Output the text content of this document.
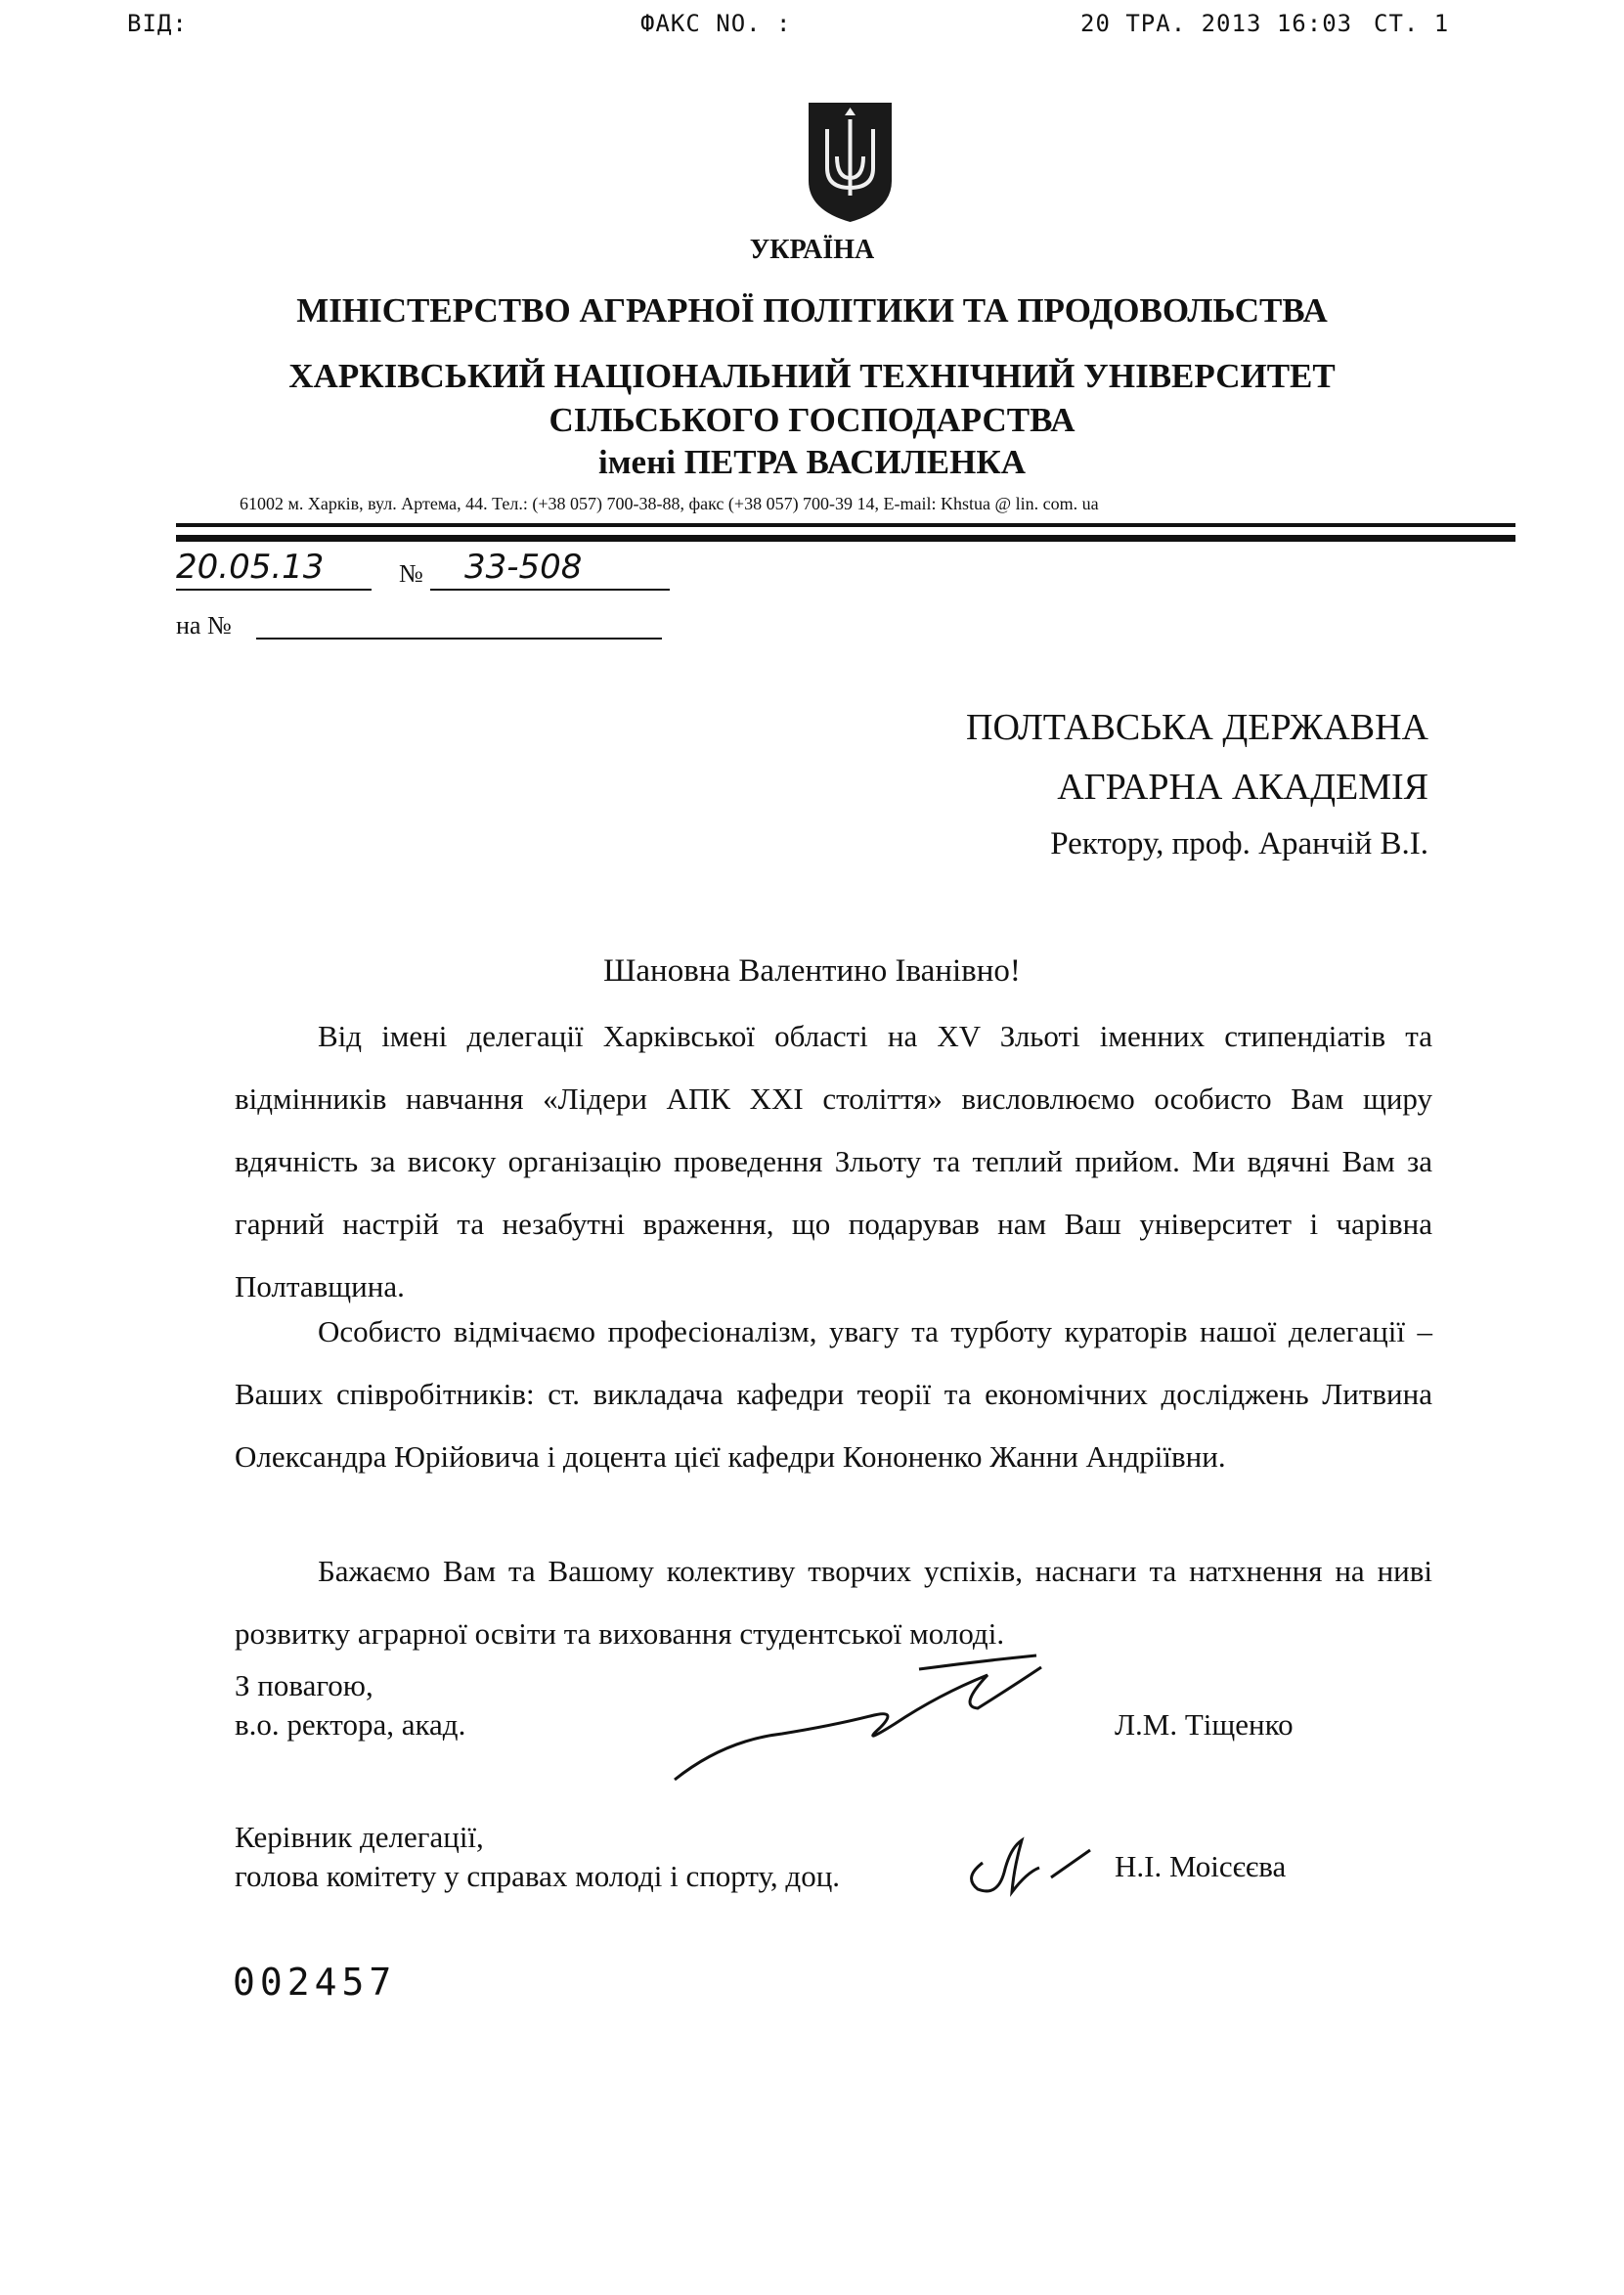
ВІД:	ФАКС NO. :	20 ТРА. 2013 16:03 СТ. 1
УКРАЇНА
МІНІСТЕРСТВО АГРАРНОЇ ПОЛІТИКИ ТА ПРОДОВОЛЬСТВА
ХАРКІВСЬКИЙ НАЦІОНАЛЬНИЙ ТЕХНІЧНИЙ УНІВЕРСИТЕТ
СІЛЬСЬКОГО ГОСПОДАРСТВА
імені ПЕТРА ВАСИЛЕНКА
61002 м. Харків, вул. Артема, 44. Тел.: (+38 057) 700-38-88, факс (+38 057) 700-39 14, E-mail: Khstua @ lin. com. ua
20.05.13	№ 33-508
на №
ПОЛТАВСЬКА ДЕРЖАВНА
АГРАРНА АКАДЕМІЯ
Ректору, проф. Аранчій В.І.
Шановна Валентино Іванівно!
Від імені делегації Харківської області на XV Зльоті іменних стипендіатів та відмінників навчання «Лідери АПК XXI століття» висловлюємо особисто Вам щиру вдячність за високу організацію проведення Зльоту та теплий прийом. Ми вдячні Вам за гарний настрій та незабутні враження, що подарував нам Ваш університет і чарівна Полтавщина.
Особисто відмічаємо професіоналізм, увагу та турботу кураторів нашої делегації – Ваших співробітників: ст. викладача кафедри теорії та економічних досліджень Литвина Олександра Юрійовича і доцента цієї кафедри Кононенко Жанни Андріївни.
Бажаємо Вам та Вашому колективу творчих успіхів, наснаги та натхнення на ниві розвитку аграрної освіти та виховання студентської молоді.
З повагою,
в.о. ректора, акад.	Л.М. Тіщенко
Керівник делегації,
голова комітету у справах молоді і спорту, доц.	Н.І. Моісєєва
002457
